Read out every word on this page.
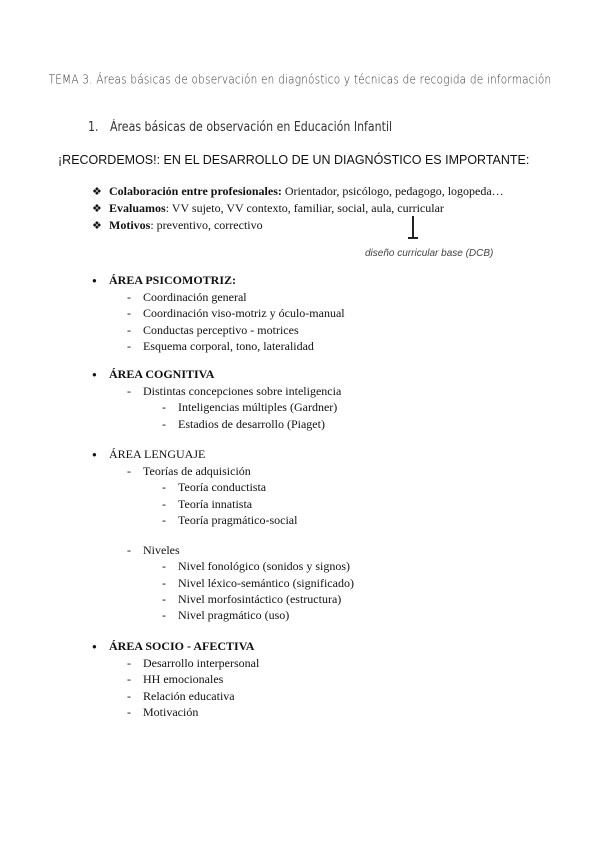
TEMA 3. Áreas básicas de observación en diagnóstico y técnicas de recogida de información
1. Áreas básicas de observación en Educación Infantil
¡RECORDEMOS!: EN EL DESARROLLO DE UN DIAGNÓSTICO ES IMPORTANTE:
❖ Colaboración entre profesionales: Orientador, psicólogo, pedagogo, logopeda…
❖ Evaluamos: VV sujeto, VV contexto, familiar, social, aula, curricular
❖ Motivos: preventivo, correctivo
diseño curricular base (DCB)
● ÁREA PSICOMOTRIZ:
- Coordinación general
- Coordinación viso-motriz y óculo-manual
- Conductas perceptivo - motrices
- Esquema corporal, tono, lateralidad
● ÁREA COGNITIVA
- Distintas concepciones sobre inteligencia
- Inteligencias múltiples (Gardner)
- Estadios de desarrollo (Piaget)
● ÁREA LENGUAJE
- Teorías de adquisición
- Teoría conductista
- Teoría innatista
- Teoría pragmático-social
- Niveles
- Nivel fonológico (sonidos y signos)
- Nivel léxico-semántico (significado)
- Nivel morfosintáctico (estructura)
- Nivel pragmático (uso)
● ÁREA SOCIO - AFECTIVA
- Desarrollo interpersonal
- HH emocionales
- Relación educativa
- Motivación
